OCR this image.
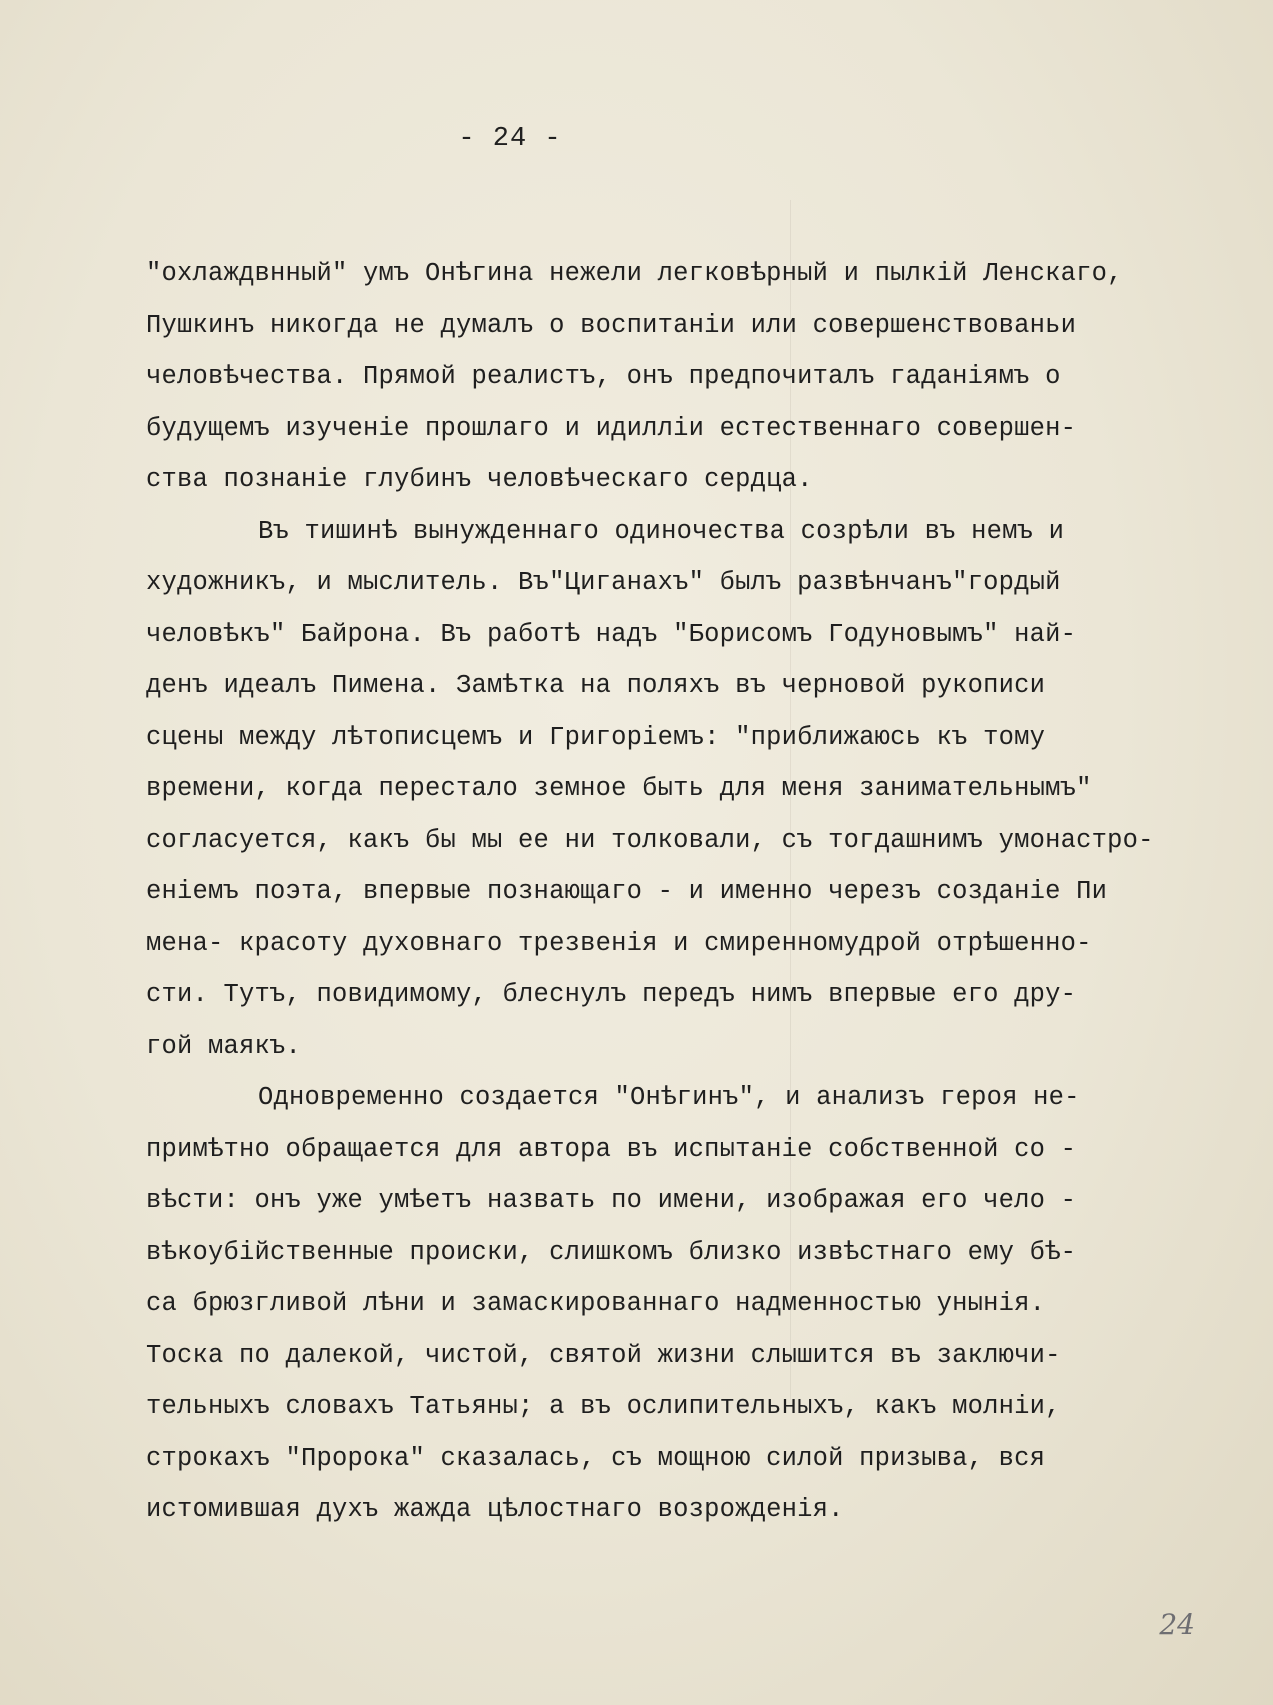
- 24 -
"охлаждвнный" умъ Онѣгина нежели легковѣрный и пылкій Ленскаго,
Пушкинъ никогда не думалъ о воспитаніи или совершенствованьи
человѣчества. Прямой реалистъ, онъ предпочиталъ гаданіямъ о
будущемъ изученіе прошлаго и идилліи естественнаго совершен-
ства познаніе глубинъ человѣческаго сердца.
Въ тишинѣ вынужденнаго одиночества созрѣли въ немъ и
художникъ, и мыслитель. Въ"Циганахъ" былъ развѣнчанъ"гордый
человѣкъ" Байрона. Въ работѣ надъ "Борисомъ Годуновымъ" най-
денъ идеалъ Пимена. Замѣтка на поляхъ въ черновой рукописи
сцены между лѣтописцемъ и Григоріемъ: "приближаюсь къ тому
времени, когда перестало земное быть для меня занимательнымъ"
согласуется, какъ бы мы ее ни толковали, съ тогдашнимъ умонастро-
еніемъ поэта, впервые познающаго - и именно черезъ созданіе Пи
мена- красоту духовнаго трезвенія и смиренномудрой отрѣшенно-
сти. Тутъ, повидимому, блеснулъ передъ нимъ впервые его дру-
гой маякъ.
Одновременно создается "Онѣгинъ", и анализъ героя не-
примѣтно обращается для автора въ испытаніе собственной со -
вѣсти: онъ уже умѣетъ назвать по имени, изображая его чело -
вѣкоубійственные происки, слишкомъ близко извѣстнаго ему бѣ-
са брюзгливой лѣни и замаскированнаго надменностью унынія.
Тоска по далекой, чистой, святой жизни слышится въ заключи-
тельныхъ словахъ Татьяны; а въ ослипительныхъ, какъ молніи,
строкахъ "Пророка" сказалась, съ мощною силой призыва, вся
истомившая духъ жажда цѣлостнаго возрожденія.
24
